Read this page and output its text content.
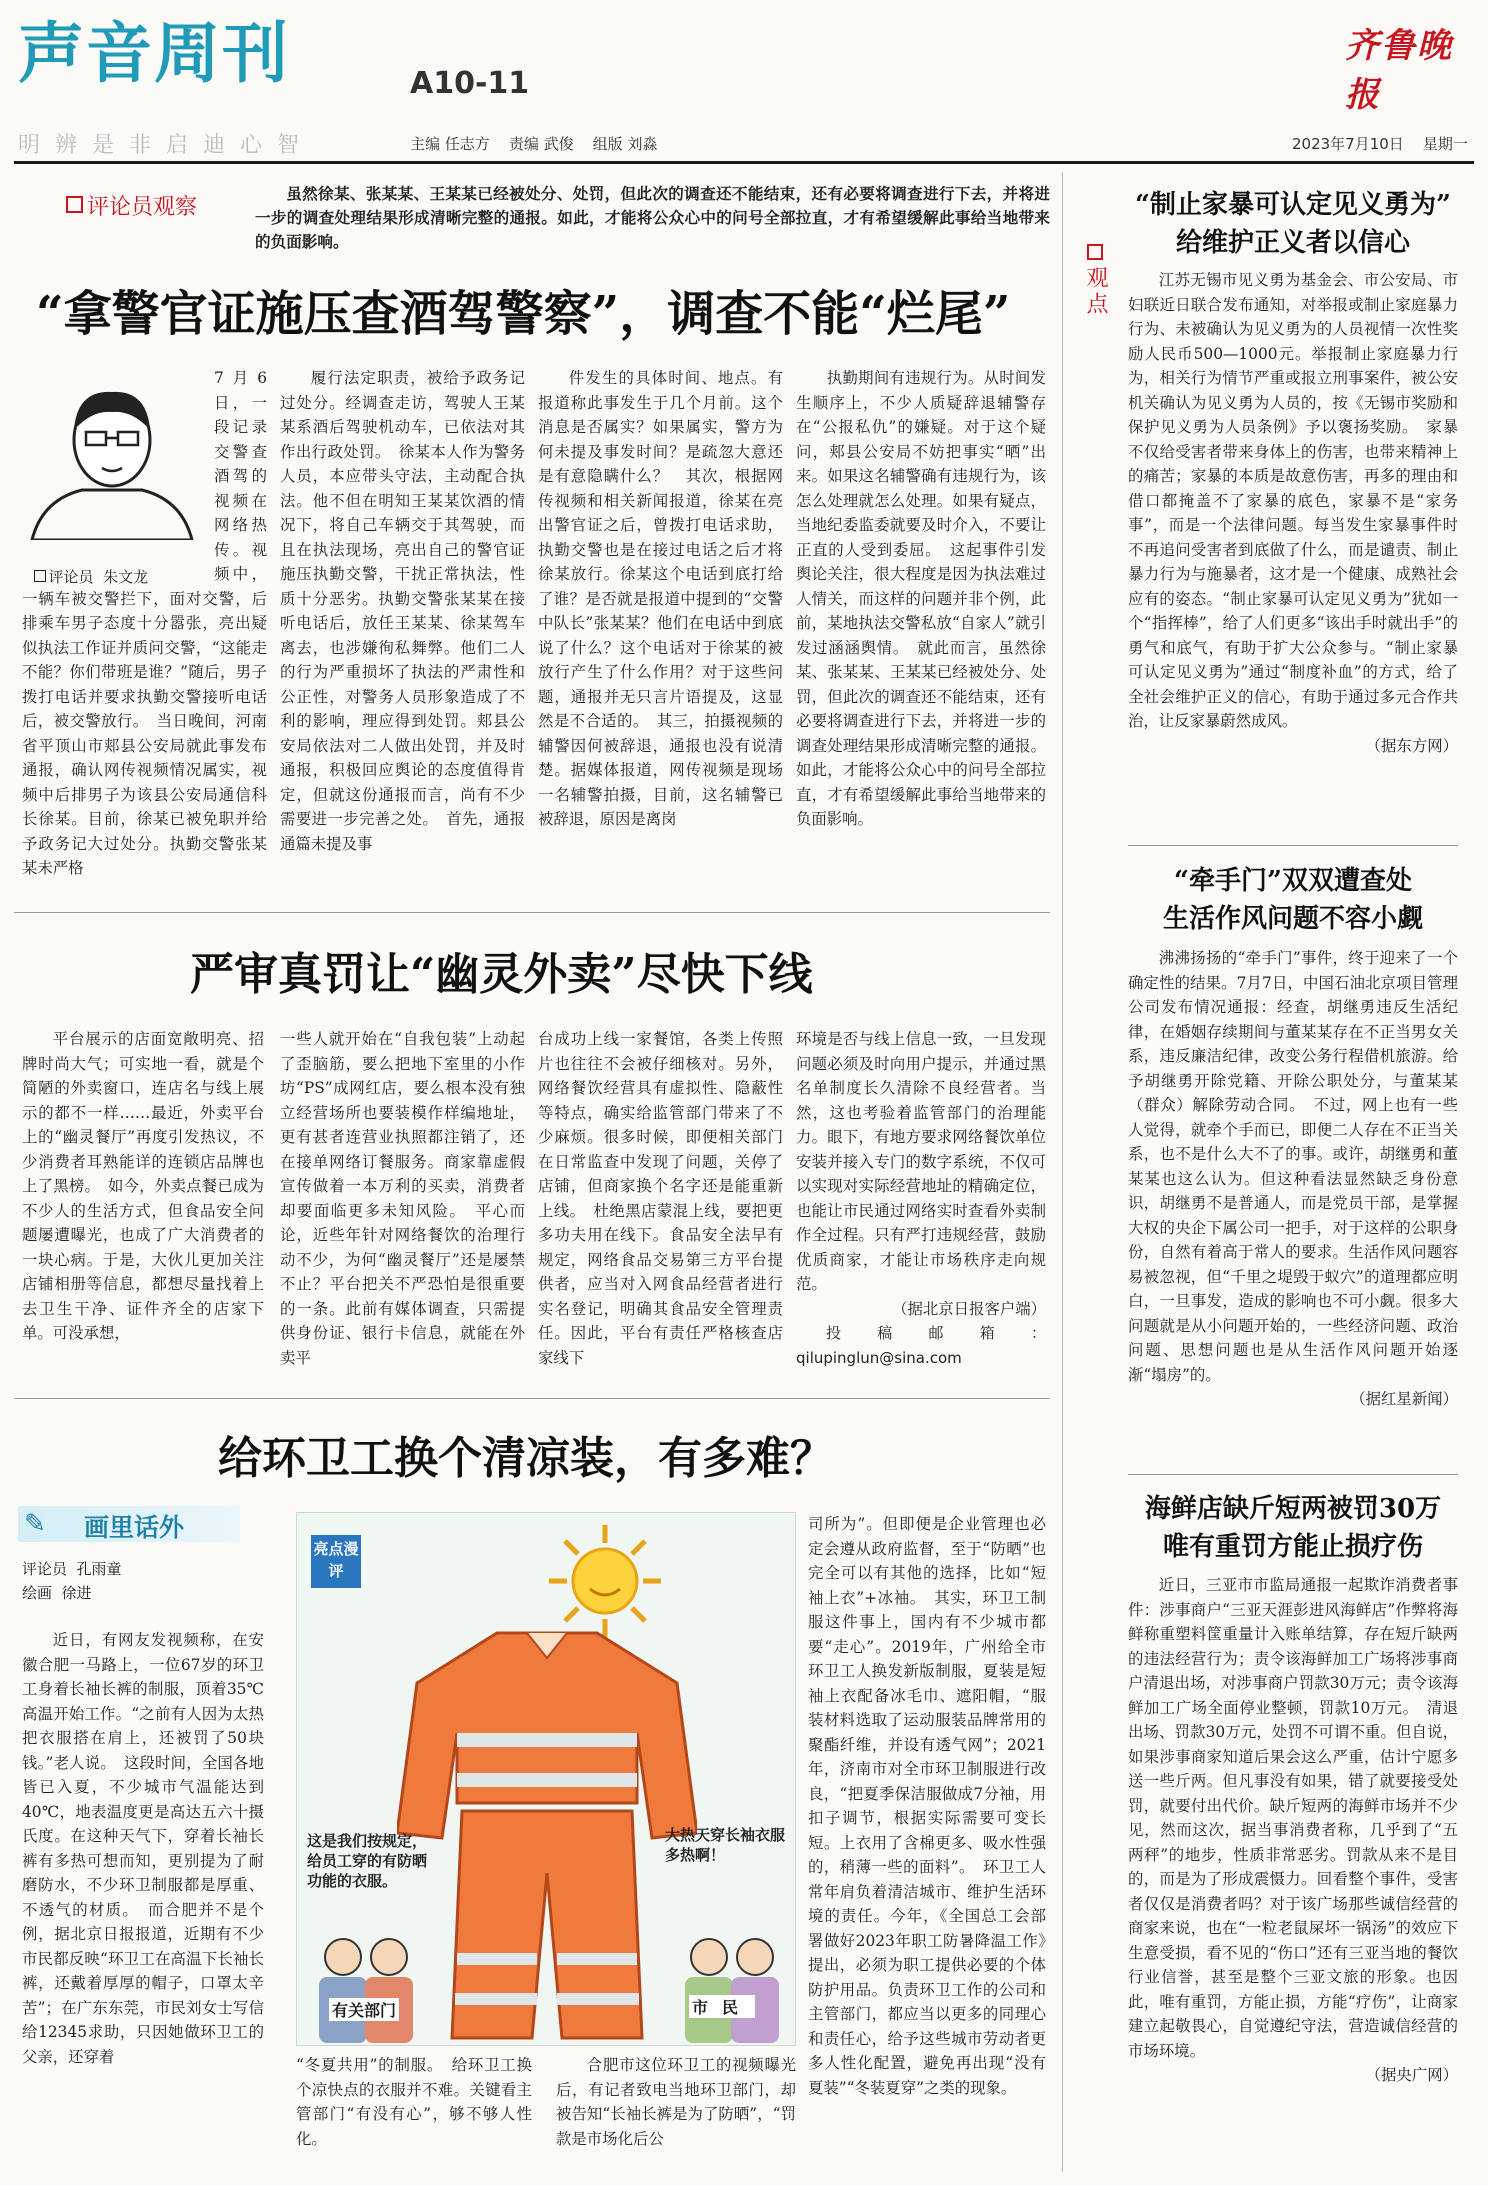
声音周刊	A10-11
明 辨 是 非 启 迪 心 智	主编 任志方    责编 武俊    组版 刘淼	2023年7月10日    星期一
齐鲁晚报
评论员观察
虽然徐某、张某某、王某某已经被处分、处罚，但此次的调查还不能结束，还有必要将调查进行下去，并将进一步的调查处理结果形成清晰完整的通报。如此，才能将公众心中的问号全部拉直，才有希望缓解此事给当地带来的负面影响。
“拿警官证施压查酒驾警察”，调查不能“烂尾”

评论员  朱文龙

7月6日，一段记录交警查酒驾的视频在网络热传。视频中，一辆车被交警拦下，面对交警，后排乘车男子态度十分嚣张，亮出疑似执法工作证并质问交警，“这能走不能？你们带班是谁？”随后，男子拨打电话并要求执勤交警接听电话后，被交警放行。　当日晚间，河南省平顶山市郏县公安局就此事发布通报，确认网传视频情况属实，视频中后排男子为该县公安局通信科长徐某。目前，徐某已被免职并给予政务记大过处分。执勤交警张某某未严格

履行法定职责，被给予政务记过处分。经调查走访，驾驶人王某某系酒后驾驶机动车，已依法对其作出行政处罚。　徐某本人作为警务人员，本应带头守法，主动配合执法。他不但在明知王某某饮酒的情况下，将自己车辆交于其驾驶，而且在执法现场，亮出自己的警官证施压执勤交警，干扰正常执法，性质十分恶劣。执勤交警张某某在接听电话后，放任王某某、徐某驾车离去，也涉嫌徇私舞弊。他们二人的行为严重损坏了执法的严肃性和公正性，对警务人员形象造成了不利的影响，理应得到处罚。郏县公安局依法对二人做出处罚，并及时通报，积极回应舆论的态度值得肯定，但就这份通报而言，尚有不少需要进一步完善之处。　首先，通报通篇未提及事

件发生的具体时间、地点。有报道称此事发生于几个月前。这个消息是否属实？如果属实，警方为何未提及事发时间？是疏忽大意还是有意隐瞒什么？　其次，根据网传视频和相关新闻报道，徐某在亮出警官证之后，曾拨打电话求助，执勤交警也是在接过电话之后才将徐某放行。徐某这个电话到底打给了谁？是否就是报道中提到的“交警中队长”张某某？他们在电话中到底说了什么？这个电话对于徐某的被放行产生了什么作用？对于这些问题，通报并无只言片语提及，这显然是不合适的。　其三，拍摄视频的辅警因何被辞退，通报也没有说清楚。据媒体报道，网传视频是现场一名辅警拍摄，目前，这名辅警已被辞退，原因是离岗

执勤期间有违规行为。从时间发生顺序上，不少人质疑辞退辅警存在“公报私仇”的嫌疑。对于这个疑问，郏县公安局不妨把事实“晒”出来。如果这名辅警确有违规行为，该怎么处理就怎么处理。如果有疑点，当地纪委监委就要及时介入，不要让正直的人受到委屈。　这起事件引发舆论关注，很大程度是因为执法难过人情关，而这样的问题并非个例，此前，某地执法交警私放“自家人”就引发过涵涵舆情。　就此而言，虽然徐某、张某某、王某某已经被处分、处罚，但此次的调查还不能结束，还有必要将调查进行下去，并将进一步的调查处理结果形成清晰完整的通报。如此，才能将公众心中的问号全部拉直，才有希望缓解此事给当地带来的负面影响。

严审真罚让“幽灵外卖”尽快下线

平台展示的店面宽敞明亮、招牌时尚大气；可实地一看，就是个简陋的外卖窗口，连店名与线上展示的都不一样……最近，外卖平台上的“幽灵餐厅”再度引发热议，不少消费者耳熟能详的连锁店品牌也上了黑榜。　如今，外卖点餐已成为不少人的生活方式，但食品安全问题屡遭曝光，也成了广大消费者的一块心病。于是，大伙儿更加关注店铺相册等信息，都想尽量找着上去卫生干净、证件齐全的店家下单。可没承想，

一些人就开始在“自我包装”上动起了歪脑筋，要么把地下室里的小作坊“PS”成网红店，要么根本没有独立经营场所也要装模作样编地址，更有甚者连营业执照都注销了，还在接单网络订餐服务。商家靠虚假宣传做着一本万利的买卖，消费者却要面临更多未知风险。　平心而论，近些年针对网络餐饮的治理行动不少，为何“幽灵餐厅”还是屡禁不止？平台把关不严恐怕是很重要的一条。此前有媒体调查，只需提供身份证、银行卡信息，就能在外卖平

台成功上线一家餐馆，各类上传照片也往往不会被仔细核对。另外，网络餐饮经营具有虚拟性、隐蔽性等特点，确实给监管部门带来了不少麻烦。很多时候，即便相关部门在日常监查中发现了问题，关停了店铺，但商家换个名字还是能重新上线。　杜绝黑店蒙混上线，要把更多功夫用在线下。食品安全法早有规定，网络食品交易第三方平台提供者，应当对入网食品经营者进行实名登记，明确其食品安全管理责任。因此，平台有责任严格核查店家线下

环境是否与线上信息一致，一旦发现问题必须及时向用户提示，并通过黑名单制度长久清除不良经营者。当然，这也考验着监管部门的治理能力。眼下，有地方要求网络餐饮单位安装并接入专门的数字系统，不仅可以实现对实际经营地址的精确定位，也能让市民通过网络实时查看外卖制作全过程。只有严打违规经营，鼓励优质商家，才能让市场秩序走向规范。

（据北京日报客户端）

投稿邮箱：qilupinglun@sina.com

给环卫工换个清凉装，有多难？
✎ 画里话外
评论员  孔雨童
绘画  徐进

近日，有网友发视频称，在安徽合肥一马路上，一位67岁的环卫工身着长袖长裤的制服，顶着35℃高温开始工作。“之前有人因为太热把衣服搭在肩上，还被罚了50块钱。”老人说。　这段时间，全国各地皆已入夏，不少城市气温能达到40℃，地表温度更是高达五六十摄氏度。在这种天气下，穿着长袖长裤有多热可想而知，更别提为了耐磨防水，不少环卫制服都是厚重、不透气的材质。　而合肥并不是个例，据北京日报报道，近期有不少市民都反映“环卫工在高温下长袖长裤，还戴着厚厚的帽子，口罩太辛苦”；在广东东莞，市民刘女士写信给12345求助，只因她做环卫工的父亲，还穿着

亮点漫评
这是我们按规定，给员工穿的有防晒功能的衣服。
大热天穿长袖衣服多热啊！
有关部门	市民

“冬夏共用”的制服。　给环卫工换个凉快点的衣服并不难。关键看主管部门“有没有心”，够不够人性化。

合肥市这位环卫工的视频曝光后，有记者致电当地环卫部门，却被告知“长袖长裤是为了防晒”，“罚款是市场化后公

司所为”。但即便是企业管理也必定会遵从政府监督，至于“防晒”也完全可以有其他的选择，比如“短袖上衣”+冰袖。　其实，环卫工制服这件事上，国内有不少城市都要“走心”。2019年，广州给全市环卫工人换发新版制服，夏装是短袖上衣配备冰毛巾、遮阳帽，“服装材料选取了运动服装品牌常用的聚酯纤维，并设有透气网”；2021年，济南市对全市环卫制服进行改良，“把夏季保洁服做成7分袖，用扣子调节，根据实际需要可变长短。上衣用了含棉更多、吸水性强的，稍薄一些的面料”。　环卫工人常年肩负着清洁城市、维护生活环境的责任。今年，《全国总工会部署做好2023年职工防暑降温工作》提出，必须为职工提供必要的个体防护用品。负责环卫工作的公司和主管部门，都应当以更多的同理心和责任心，给予这些城市劳动者更多人性化配置，避免再出现“没有夏装”“冬装夏穿”之类的现象。

观点
“制止家暴可认定见义勇为”
给维护正义者以信心

江苏无锡市见义勇为基金会、市公安局、市妇联近日联合发布通知，对举报或制止家庭暴力行为、未被确认为见义勇为的人员视情一次性奖励人民币500—1000元。举报制止家庭暴力行为，相关行为情节严重或报立刑事案件，被公安机关确认为见义勇为人员的，按《无锡市奖励和保护见义勇为人员条例》予以褒扬奖励。　家暴不仅给受害者带来身体上的伤害，也带来精神上的痛苦；家暴的本质是故意伤害，再多的理由和借口都掩盖不了家暴的底色，家暴不是“家务事”，而是一个法律问题。每当发生家暴事件时不再追问受害者到底做了什么，而是谴责、制止暴力行为与施暴者，这才是一个健康、成熟社会应有的姿态。“制止家暴可认定见义勇为”犹如一个“指挥棒”，给了人们更多“该出手时就出手”的勇气和底气，有助于扩大公众参与。“制止家暴可认定见义勇为”通过“制度补血”的方式，给了全社会维护正义的信心，有助于通过多元合作共治，让反家暴蔚然成风。

（据东方网）

“牵手门”双双遭查处
生活作风问题不容小觑

沸沸扬扬的“牵手门”事件，终于迎来了一个确定性的结果。7月7日，中国石油北京项目管理公司发布情况通报：经查，胡继勇违反生活纪律，在婚姻存续期间与董某某存在不正当男女关系，违反廉洁纪律，改变公务行程借机旅游。给予胡继勇开除党籍、开除公职处分，与董某某（群众）解除劳动合同。　不过，网上也有一些人觉得，就牵个手而已，即便二人存在不正当关系，也不是什么大不了的事。或许，胡继勇和董某某也这么认为。但这种看法显然缺乏身份意识，胡继勇不是普通人，而是党员干部，是掌握大权的央企下属公司一把手，对于这样的公职身份，自然有着高于常人的要求。生活作风问题容易被忽视，但“千里之堤毁于蚁穴”的道理都应明白，一旦事发，造成的影响也不可小觑。很多大问题就是从小问题开始的，一些经济问题、政治问题、思想问题也是从生活作风问题开始逐渐“塌房”的。

（据红星新闻）

海鲜店缺斤短两被罚30万
唯有重罚方能止损疗伤

近日，三亚市市监局通报一起欺诈消费者事件：涉事商户“三亚天涯彭进风海鲜店”作弊将海鲜称重塑料筐重量计入账单结算，存在短斤缺两的违法经营行为；责令该海鲜加工广场将涉事商户清退出场，对涉事商户罚款30万元；责令该海鲜加工广场全面停业整顿，罚款10万元。　清退出场、罚款30万元，处罚不可谓不重。但自说，如果涉事商家知道后果会这么严重，估计宁愿多送一些斤两。但凡事没有如果，错了就要接受处罚，就要付出代价。缺斤短两的海鲜市场并不少见，然而这次，据当事消费者称，几乎到了“五两秤”的地步，性质非常恶劣。罚款从来不是目的，而是为了形成震慑力。回看整个事件，受害者仅仅是消费者吗？对于该广场那些诚信经营的商家来说，也在“一粒老鼠屎坏一锅汤”的效应下生意受损，看不见的“伤口”还有三亚当地的餐饮行业信誉，甚至是整个三亚文旅的形象。也因此，唯有重罚，方能止损，方能“疗伤”，让商家建立起敬畏心，自觉遵纪守法，营造诚信经营的市场环境。

（据央广网）
